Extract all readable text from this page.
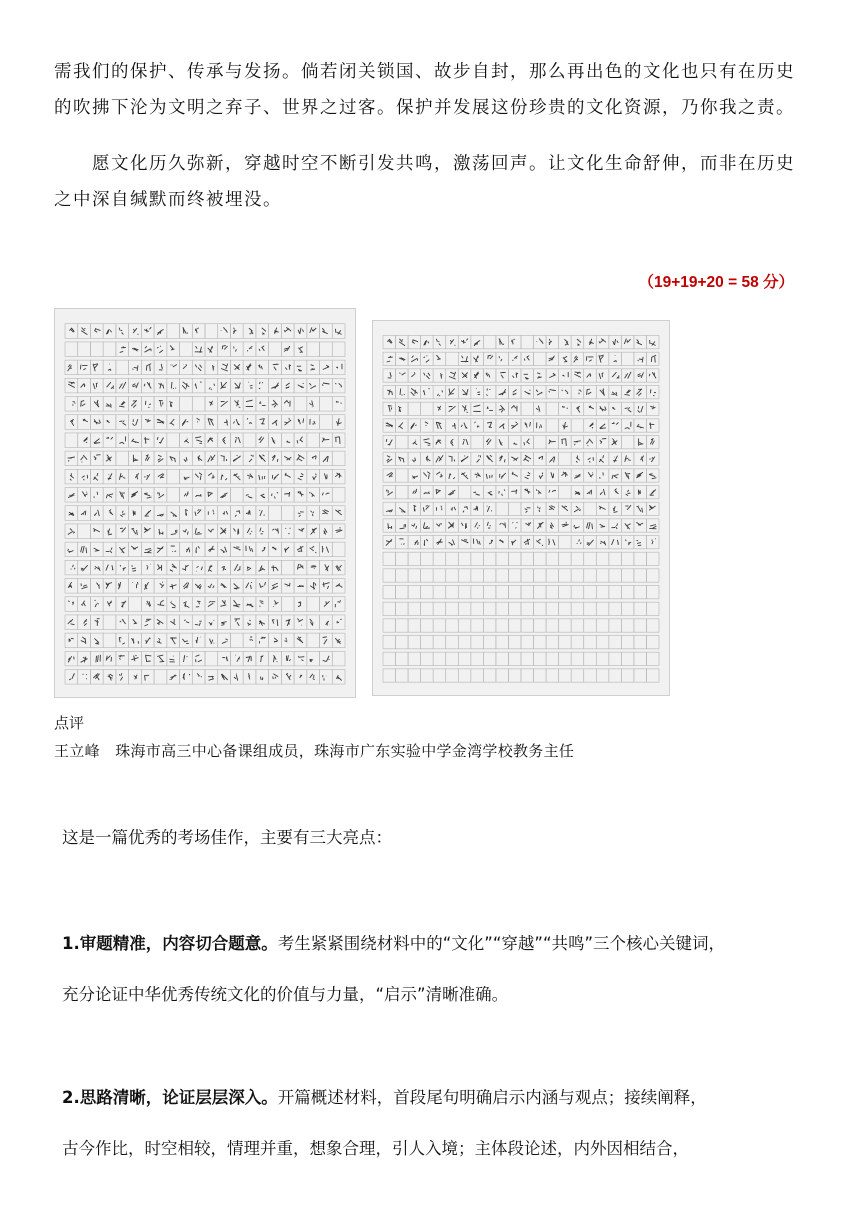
需我们的保护、传承与发扬。倘若闭关锁国、故步自封，那么再出色的文化也只有在历史
的吹拂下沦为文明之弃子、世界之过客。保护并发展这份珍贵的文化资源，乃你我之责。

　　愿文化历久弥新，穿越时空不断引发共鸣，激荡回声。让文化生命舒伸，而非在历史
之中深自缄默而终被埋没。

（19+19+20 = 58 分）

点评

王立峰　珠海市高三中心备课组成员，珠海市广东实验中学金湾学校教务主任

这是一篇优秀的考场佳作，主要有三大亮点：

1.审题精准，内容切合题意。考生紧紧围绕材料中的“文化”“穿越”“共鸣”三个核心关键词，

充分论证中华优秀传统文化的价值与力量，“启示”清晰准确。

2.思路清晰，论证层层深入。开篇概述材料，首段尾句明确启示内涵与观点；接续阐释，

古今作比，时空相较，情理并重，想象合理，引人入境；主体段论述，内外因相结合，
